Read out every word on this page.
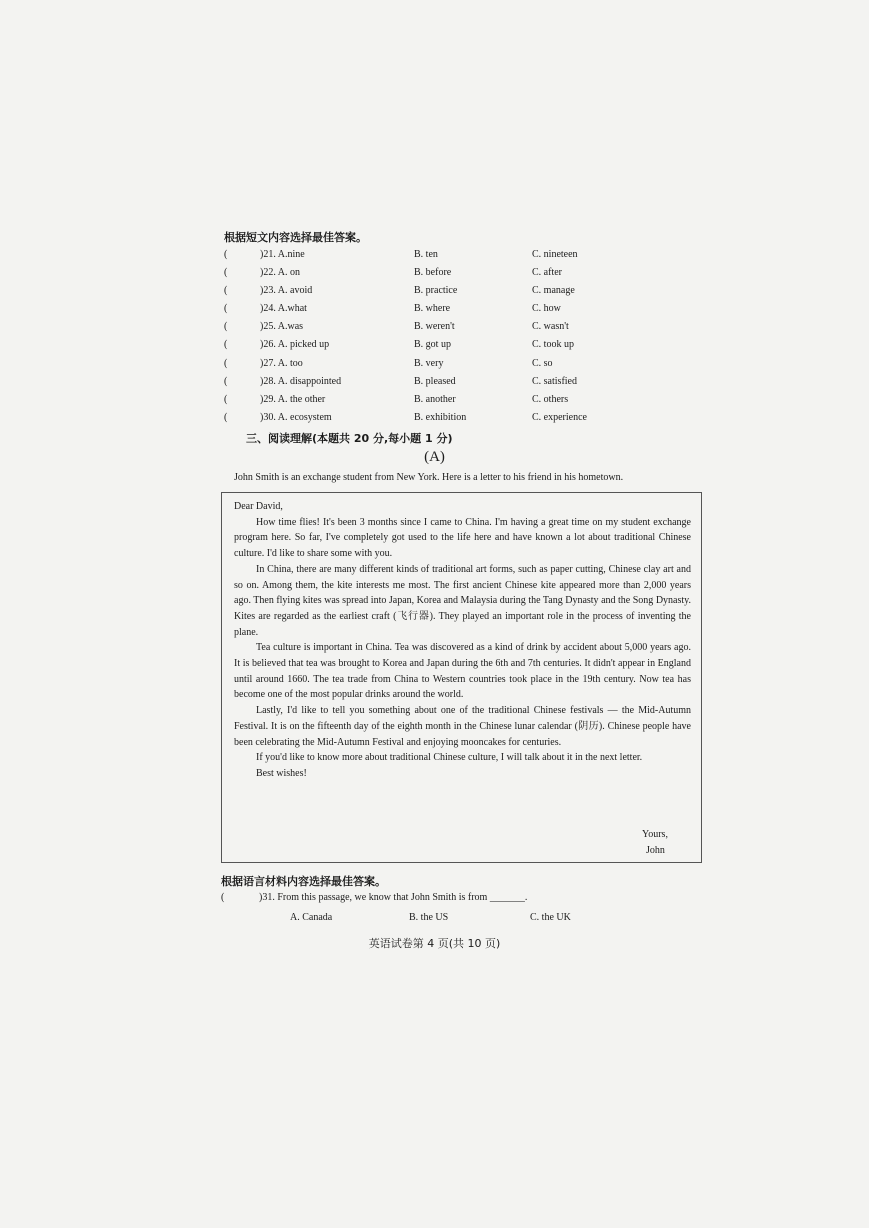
根据短文内容选择最佳答案。
(	)21. A.nine	B. ten	C. nineteen
(	)22. A. on	B. before	C. after
(	)23. A. avoid	B. practice	C. manage
(	)24. A.what	B. where	C. how
(	)25. A.was	B. weren't	C. wasn't
(	)26. A. picked up	B. got up	C. took up
(	)27. A. too	B. very	C. so
(	)28. A. disappointed	B. pleased	C. satisfied
(	)29. A. the other	B. another	C. others
(	)30. A. ecosystem	B. exhibition	C. experience
三、阅读理解(本题共 20 分,每小题 1 分)
(A)
John Smith is an exchange student from New York. Here is a letter to his friend in his hometown.

Dear David,

How time flies! It's been 3 months since I came to China. I'm having a great time on my student exchange program here. So far, I've completely got used to the life here and have known a lot about traditional Chinese culture. I'd like to share some with you.

In China, there are many different kinds of traditional art forms, such as paper cutting, Chinese clay art and so on. Among them, the kite interests me most. The first ancient Chinese kite appeared more than 2,000 years ago. Then flying kites was spread into Japan, Korea and Malaysia during the Tang Dynasty and the Song Dynasty. Kites are regarded as the earliest craft (飞行器). They played an important role in the process of inventing the plane.

Tea culture is important in China. Tea was discovered as a kind of drink by accident about 5,000 years ago. It is believed that tea was brought to Korea and Japan during the 6th and 7th centuries. It didn't appear in England until around 1660. The tea trade from China to Western countries took place in the 19th century. Now tea has become one of the most popular drinks around the world.

Lastly, I'd like to tell you something about one of the traditional Chinese festivals — the Mid-Autumn Festival. It is on the fifteenth day of the eighth month in the Chinese lunar calendar (阴历). Chinese people have been celebrating the Mid-Autumn Festival and enjoying mooncakes for centuries.

If you'd like to know more about traditional Chinese culture, I will talk about it in the next letter.

Best wishes!

Yours,
John
根据语言材料内容选择最佳答案。
(	)31. From this passage, we know that John Smith is from _______.
A. Canada	B. the US	C. the UK
英语试卷第 4 页(共 10 页)
